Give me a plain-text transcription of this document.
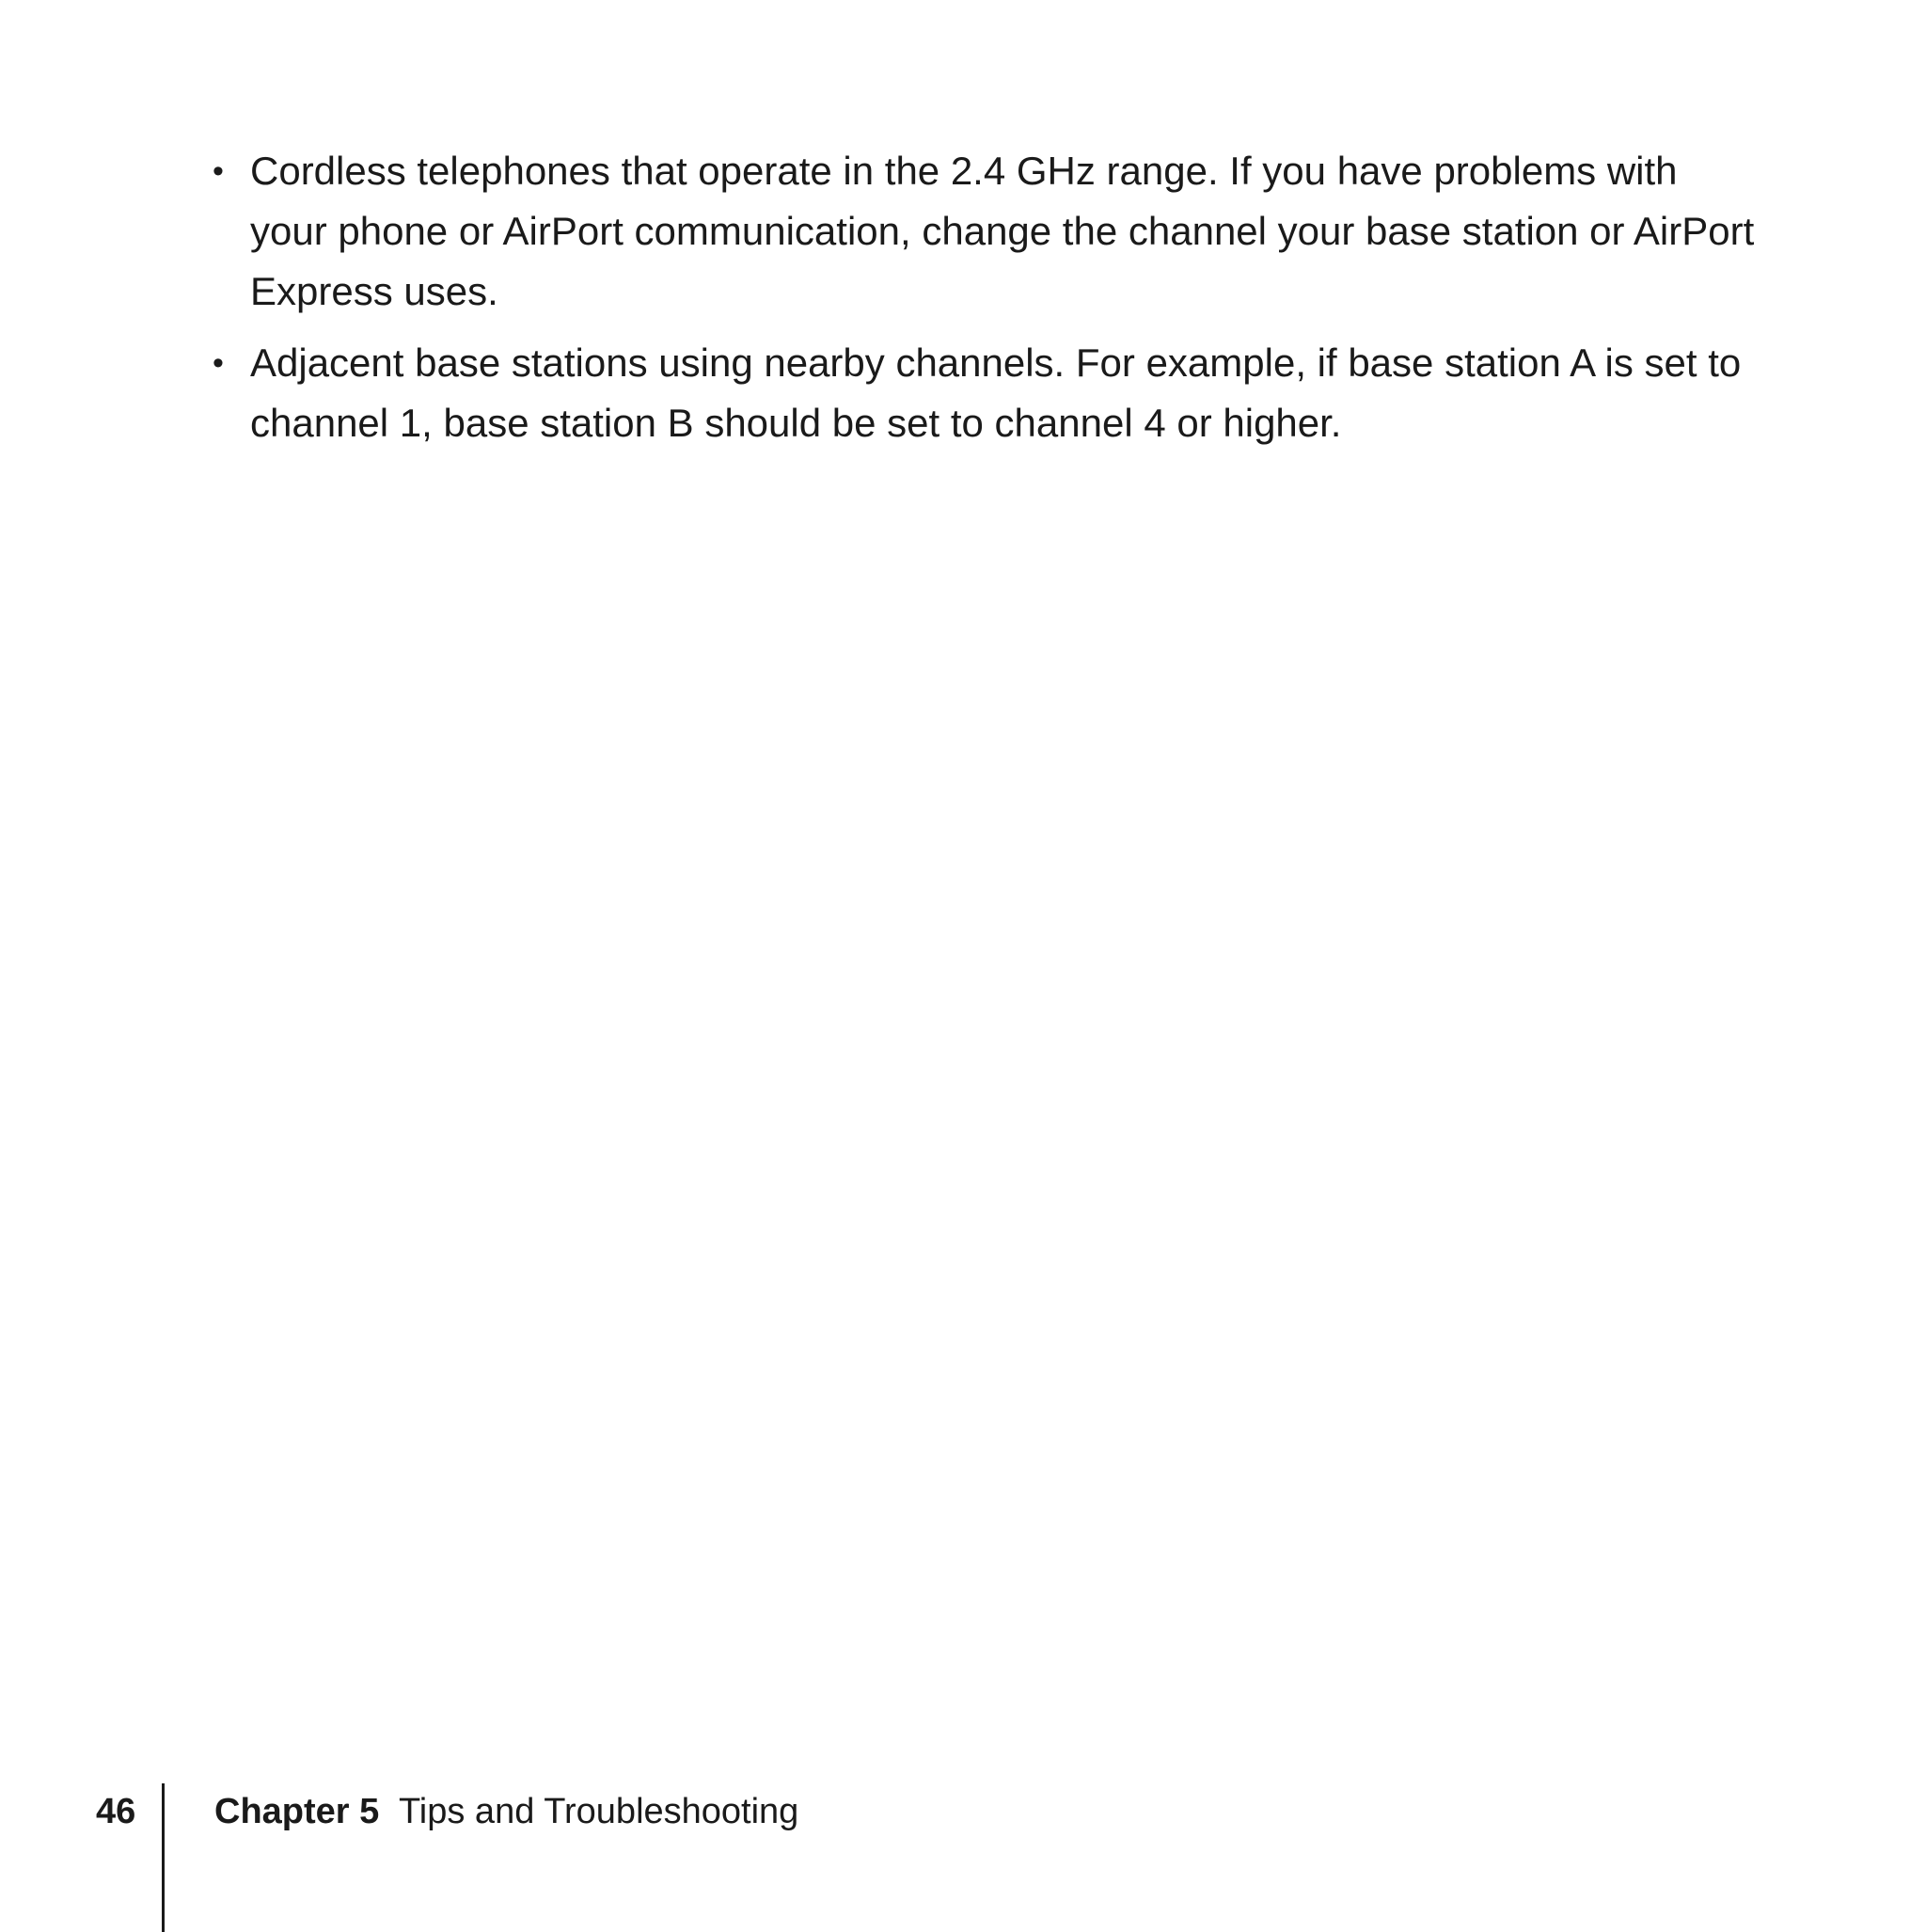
• Cordless telephones that operate in the 2.4 GHz range. If you have problems with your phone or AirPort communication, change the channel your base station or AirPort Express uses.
• Adjacent base stations using nearby channels. For example, if base station A is set to channel 1, base station B should be set to channel 4 or higher.
46 Chapter 5 Tips and Troubleshooting
